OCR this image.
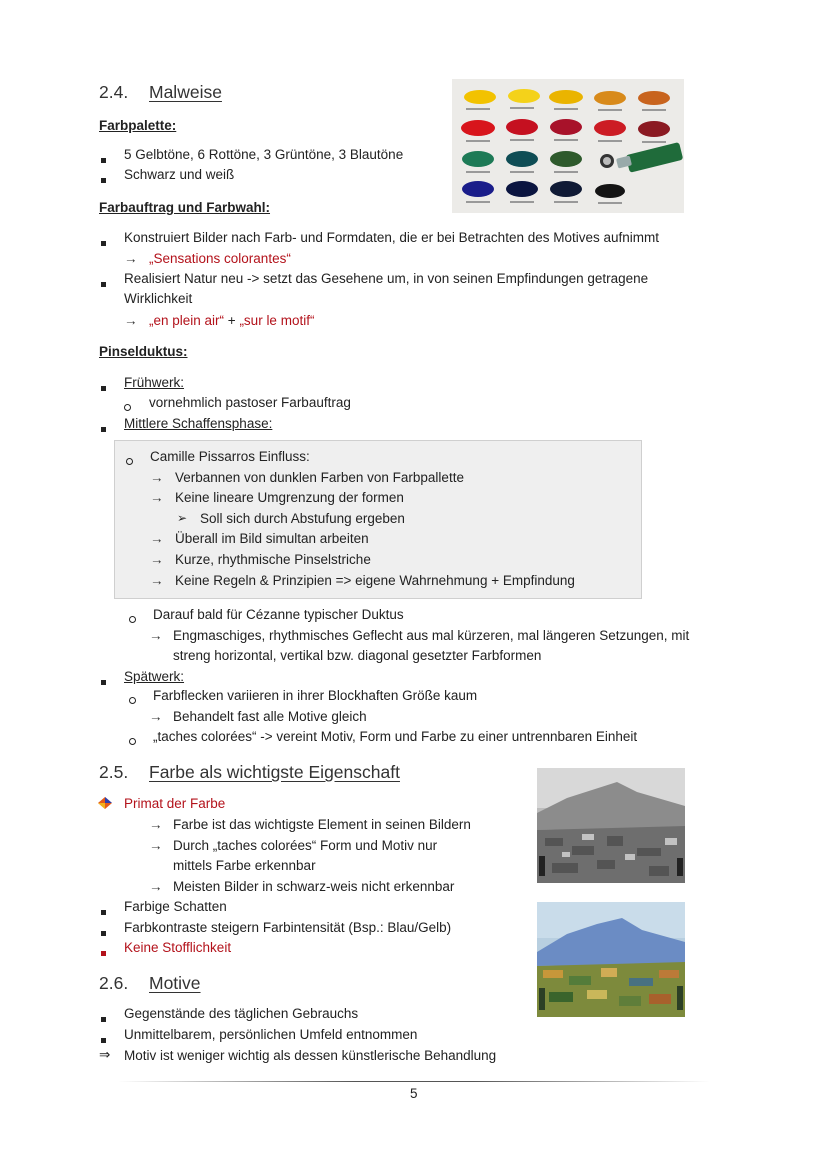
2.4. Malweise
Farbpalette:
5 Gelbtöne, 6 Rottöne, 3 Grüntöne, 3 Blautöne
Schwarz und weiß
Farbauftrag und Farbwahl:
Konstruiert Bilder nach Farb- und Formdaten, die er bei Betrachten des Motives aufnimmt
→ „Sensations colorantes“
Realisiert Natur neu -> setzt das Gesehene um, in von seinen Empfindungen getragene
Wirklichkeit
→ „en plein air“ + „sur le motif“
Pinselduktus:
Frühwerk:
vornehmlich pastoser Farbauftrag
Mittlere Schaffensphase:
Camille Pissarros Einfluss:
→ Verbannen von dunklen Farben von Farbpallette
→ Keine lineare Umgrenzung der formen
➢ Soll sich durch Abstufung ergeben
→ Überall im Bild simultan arbeiten
→ Kurze, rhythmische Pinselstriche
→ Keine Regeln & Prinzipien => eigene Wahrnehmung + Empfindung
Darauf bald für Cézanne typischer Duktus
→ Engmaschiges, rhythmisches Geflecht aus mal kürzeren, mal längeren Setzungen, mit
streng horizontal, vertikal bzw. diagonal gesetzter Farbformen
Spätwerk:
Farbflecken variieren in ihrer Blockhaften Größe kaum
→ Behandelt fast alle Motive gleich
„taches colorées“ -> vereint Motiv, Form und Farbe zu einer untrennbaren Einheit
2.5. Farbe als wichtigste Eigenschaft
Primat der Farbe
→ Farbe ist das wichtigste Element in seinen Bildern
→ Durch „taches colorées“ Form und Motiv nur
mittels Farbe erkennbar
→ Meisten Bilder in schwarz-weis nicht erkennbar
Farbige Schatten
Farbkontraste steigern Farbintensität (Bsp.: Blau/Gelb)
Keine Stofflichkeit
2.6. Motive
Gegenstände des täglichen Gebrauchs
Unmittelbarem, persönlichen Umfeld entnommen
⇒ Motiv ist weniger wichtig als dessen künstlerische Behandlung
5
